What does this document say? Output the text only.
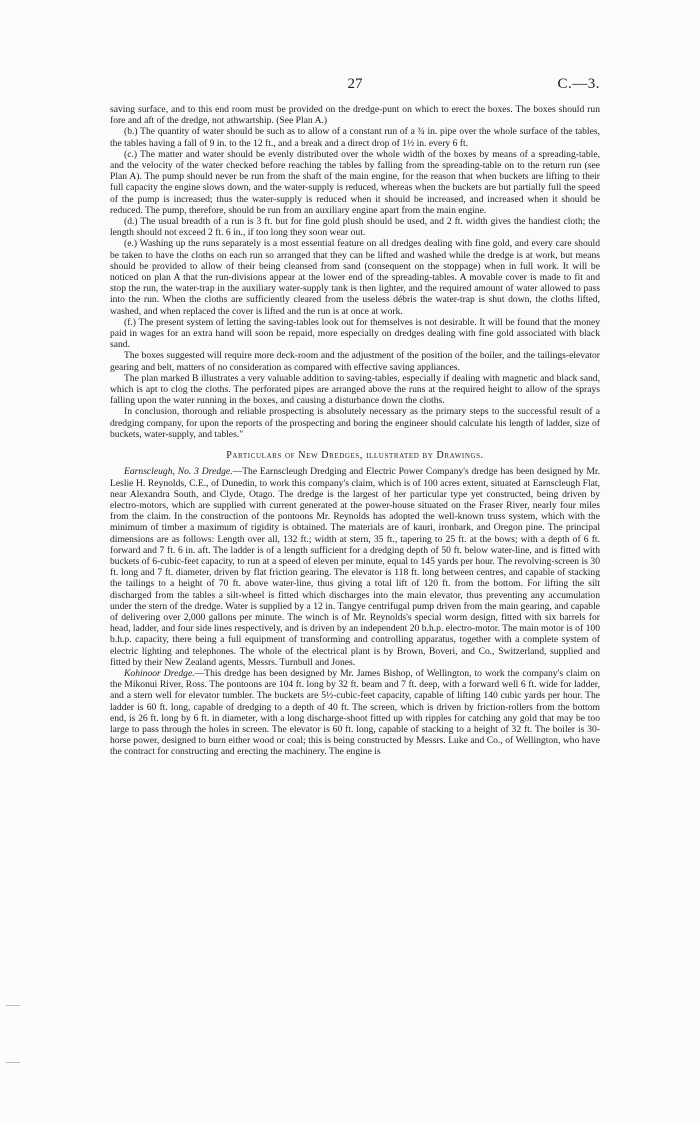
27	C.—3.

saving surface, and to this end room must be provided on the dredge-punt on which to erect the boxes. The boxes should run fore and aft of the dredge, not athwartship. (See Plan A.)

(b.) The quantity of water should be such as to allow of a constant run of a ¾ in. pipe over the whole surface of the tables, the tables having a fall of 9 in. to the 12 ft., and a break and a direct drop of 1½ in. every 6 ft.

(c.) The matter and water should be evenly distributed over the whole width of the boxes by means of a spreading-table, and the velocity of the water checked before reaching the tables by falling from the spreading-table on to the return run (see Plan A). The pump should never be run from the shaft of the main engine, for the reason that when buckets are lifting to their full capacity the engine slows down, and the water-supply is reduced, whereas when the buckets are but partially full the speed of the pump is increased; thus the water-supply is reduced when it should be increased, and increased when it should be reduced. The pump, therefore, should be run from an auxiliary engine apart from the main engine.

(d.) The usual breadth of a run is 3 ft. but for fine gold plush should be used, and 2 ft. width gives the handiest cloth; the length should not exceed 2 ft. 6 in., if too long they soon wear out.

(e.) Washing up the runs separately is a most essential feature on all dredges dealing with fine gold, and every care should be taken to have the cloths on each run so arranged that they can be lifted and washed while the dredge is at work, but means should be provided to allow of their being cleansed from sand (consequent on the stoppage) when in full work. It will be noticed on plan A that the run-divisions appear at the lower end of the spreading-tables. A movable cover is made to fit and stop the run, the water-trap in the auxiliary water-supply tank is then lighter, and the required amount of water allowed to pass into the run. When the cloths are sufficiently cleared from the useless débris the water-trap is shut down, the cloths lifted, washed, and when replaced the cover is lifted and the run is at once at work.

(f.) The present system of letting the saving-tables look out for themselves is not desirable. It will be found that the money paid in wages for an extra hand will soon be repaid, more especially on dredges dealing with fine gold associated with black sand.

The boxes suggested will require more deck-room and the adjustment of the position of the boiler, and the tailings-elevator gearing and belt, matters of no consideration as compared with effective saving appliances.

The plan marked B illustrates a very valuable addition to saving-tables, especially if dealing with magnetic and black sand, which is apt to clog the cloths. The perforated pipes are arranged above the runs at the required height to allow of the sprays falling upon the water running in the boxes, and causing a disturbance down the cloths.

In conclusion, thorough and reliable prospecting is absolutely necessary as the primary steps to the successful result of a dredging company, for upon the reports of the prospecting and boring the engineer should calculate his length of ladder, size of buckets, water-supply, and tables."

Particulars of New Dredges, illustrated by Drawings.

Earnscleugh, No. 3 Dredge.—The Earnscleugh Dredging and Electric Power Company's dredge has been designed by Mr. Leslie H. Reynolds, C.E., of Dunedin, to work this company's claim, which is of 100 acres extent, situated at Earnscleugh Flat, near Alexandra South, and Clyde, Otago. The dredge is the largest of her particular type yet constructed, being driven by electro-motors, which are supplied with current generated at the power-house situated on the Fraser River, nearly four miles from the claim. In the construction of the pontoons Mr. Reynolds has adopted the well-known truss system, which with the minimum of timber a maximum of rigidity is obtained. The materials are of kauri, ironbark, and Oregon pine. The principal dimensions are as follows: Length over all, 132 ft.; width at stern, 35 ft., tapering to 25 ft. at the bows; with a depth of 6 ft. forward and 7 ft. 6 in. aft. The ladder is of a length sufficient for a dredging depth of 50 ft. below water-line, and is fitted with buckets of 6-cubic-feet capacity, to run at a speed of eleven per minute, equal to 145 yards per hour. The revolving-screen is 30 ft. long and 7 ft. diameter, driven by flat friction gearing. The elevator is 118 ft. long between centres, and capable of stacking the tailings to a height of 70 ft. above water-line, thus giving a total lift of 120 ft. from the bottom. For lifting the silt discharged from the tables a silt-wheel is fitted which discharges into the main elevator, thus preventing any accumulation under the stern of the dredge. Water is supplied by a 12 in. Tangye centrifugal pump driven from the main gearing, and capable of delivering over 2,000 gallons per minute. The winch is of Mr. Reynolds's special worm design, fitted with six barrels for head, ladder, and four side lines respectively, and is driven by an independent 20 b.h.p. electro-motor. The main motor is of 100 b.h.p. capacity, there being a full equipment of transforming and controlling apparatus, together with a complete system of electric lighting and telephones. The whole of the electrical plant is by Brown, Boveri, and Co., Switzerland, supplied and fitted by their New Zealand agents, Messrs. Turnbull and Jones.

Kohinoor Dredge.—This dredge has been designed by Mr. James Bishop, of Wellington, to work the company's claim on the Mikonui River, Ross. The pontoons are 104 ft. long by 32 ft. beam and 7 ft. deep, with a forward well 6 ft. wide for ladder, and a stern well for elevator tumbler. The buckets are 5½-cubic-feet capacity, capable of lifting 140 cubic yards per hour. The ladder is 60 ft. long, capable of dredging to a depth of 40 ft. The screen, which is driven by friction-rollers from the bottom end, is 26 ft. long by 6 ft. in diameter, with a long discharge-shoot fitted up with ripples for catching any gold that may be too large to pass through the holes in screen. The elevator is 60 ft. long, capable of stacking to a height of 32 ft. The boiler is 30-horse power, designed to burn either wood or coal; this is being constructed by Messrs. Luke and Co., of Wellington, who have the contract for constructing and erecting the machinery. The engine is
